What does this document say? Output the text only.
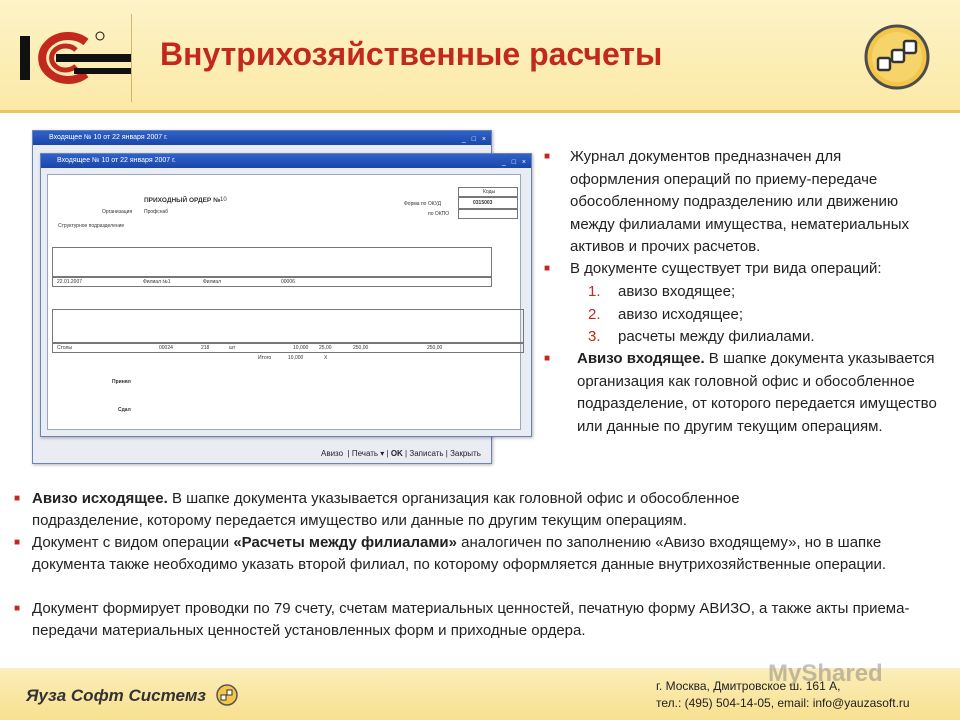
Внутрихозяйственные расчеты
Входящее № 10 от 22 января 2007 г.	_ □ ×
Авизо  | Печать ▾ | OK | Записать | Закрыть
Входящее № 10 от 22 января 2007 г.	_ □ ×
ПРИХОДНЫЙ ОРДЕР № 10
Организация Профснаб
Структурное подразделение
Форма по ОКУД
по ОКПО
Коды
0315003
22.01.2007	Филиал №1	Филиал	00006
Столы	00024	218	шт	10,000 25,00	250,00	250,00
Итого	10,000	X
Принял
Сдал
■	Журнал документов предназначен для оформления операций по приему-передаче обособленному подразделению или движению между филиалами имущества, нематериальных активов и прочих расчетов.
■	В документе существует три вида операций:
1. авизо входящее;
2. авизо исходящее;
3. расчеты между филиалами.
■	Авизо входящее. В шапке документа указывается организация как головной офис и обособленное подразделение, от которого передается имущество или данные по другим текущим операциям.
■ Авизо исходящее. В шапке документа указывается организация как головной офис и обособленное подразделение, которому передается имущество или данные по другим текущим операциям.
■ Документ с видом операции «Расчеты между филиалами» аналогичен по заполнению «Авизо входящему», но в шапке документа также необходимо указать второй филиал, по которому оформляется данные внутрихозяйственные операции.
■ Документ формирует проводки по 79 счету, счетам материальных ценностей, печатную форму АВИЗО, а также акты приема-передачи материальных ценностей установленных форм и приходные ордера.
Яуза Софт Системз
MyShared
г. Москва, Дмитровское ш. 161 А,
тел.: (495) 504-14-05, email: info@yauzasoft.ru
